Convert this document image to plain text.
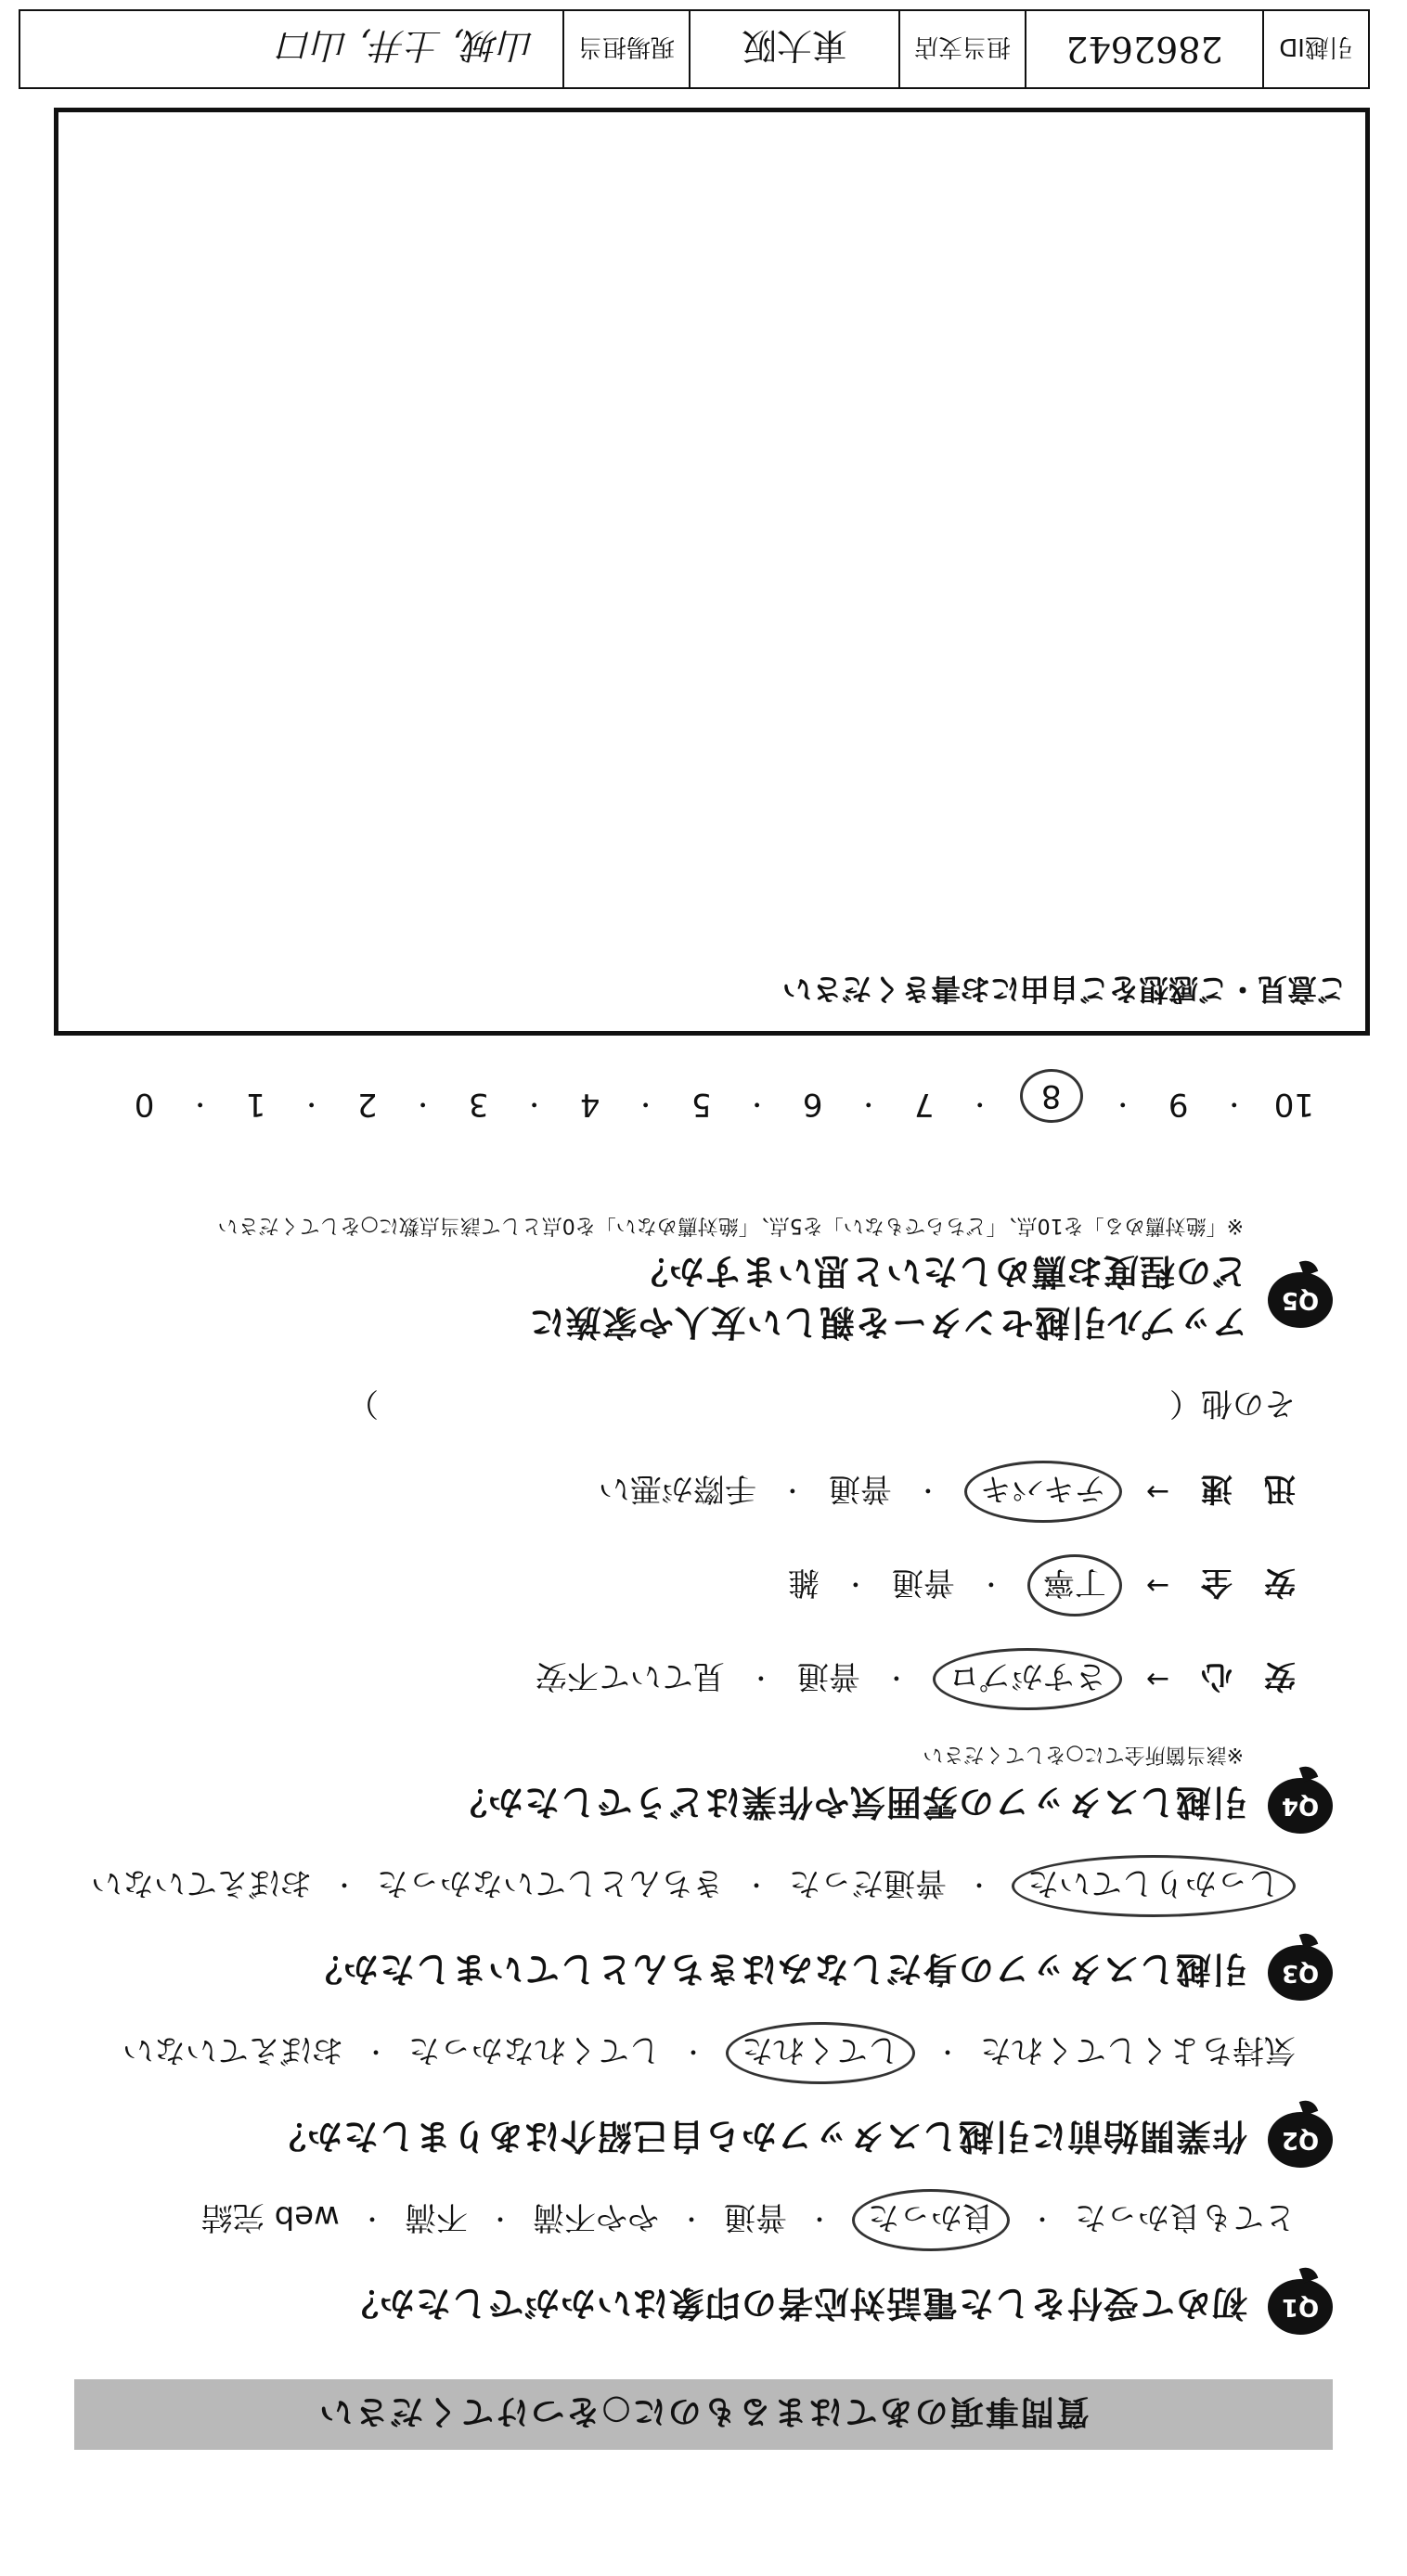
質問事項のあてはまるものに○をつけてください
Q1
初めて受付をした電話対応者の印象はいかがでしたか？
とても良かった
・
良かった
・
普通
・
やや不満
・
不満
・
web 完結
Q2
作業開始前に引越しスタッフから自己紹介はありましたか？
気持ちよくしてくれた
・
してくれた
・
してくれなかった
・
おぼえていない
Q3
引越しスタッフの身だしなみはきちんとしていましたか？
しっかりしていた
・
普通だった
・
きちんとしていなかった
・
おぼえていない
Q4
引越しスタッフの雰囲気や作業はどうでしたか？
※該当箇所全てに○をしてください
安　心
→
さすがプロ
・
普通
・
見ていて不安
安　全
→
丁寧
・
普通
・
雑
迅　速
→
テキパキ
・
普通
・
手際が悪い
その他（
）
Q5
アップル引越センターを親しい友人や家族に
どの程度お薦めしたいと思いますか？
※「絶対薦める」を10点、「どちらでもない」を5点、「絶対薦めない」を0点として該当点数に○をしてください
10
・
9
・
8
・
7
・
6
・
5
・
4
・
3
・
2
・
1
・
0
ご意見・ご感想をご自由にお書きください
引越ID
2862642
担当支店
東大阪
現場担当
山城, 土井, 山口
